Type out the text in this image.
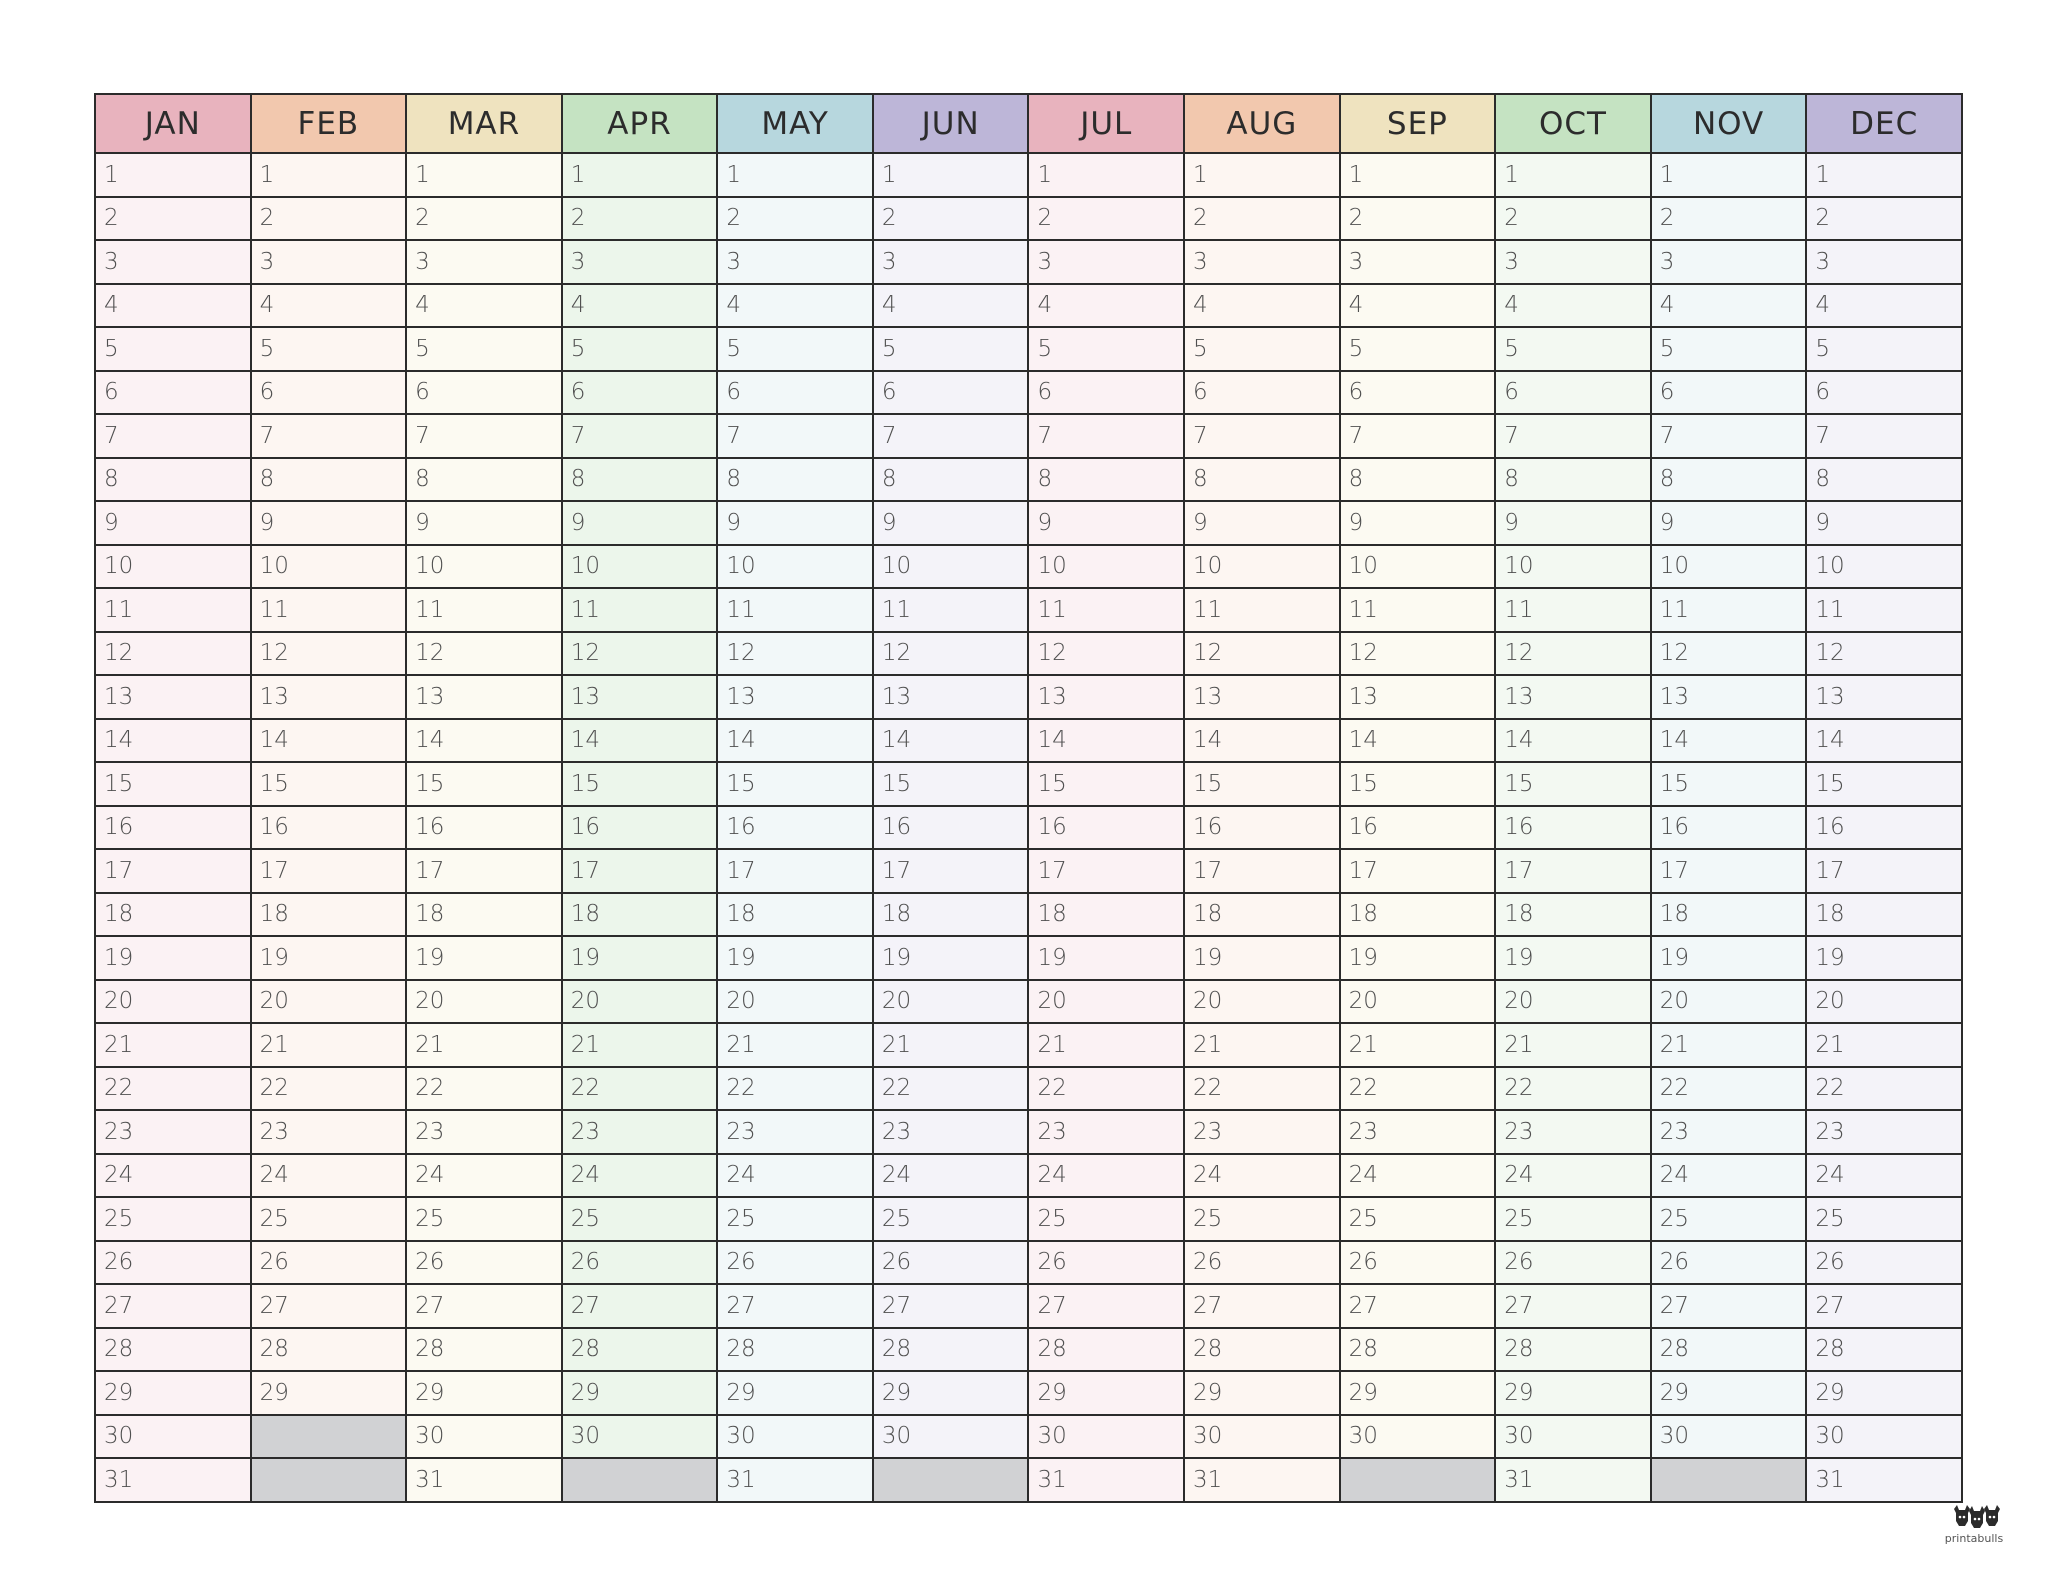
JAN	FEB	MAR	APR	MAY	JUN	JUL	AUG	SEP	OCT	NOV	DEC
1	1	1	1	1	1	1	1	1	1	1	1
2	2	2	2	2	2	2	2	2	2	2	2
3	3	3	3	3	3	3	3	3	3	3	3
4	4	4	4	4	4	4	4	4	4	4	4
5	5	5	5	5	5	5	5	5	5	5	5
6	6	6	6	6	6	6	6	6	6	6	6
7	7	7	7	7	7	7	7	7	7	7	7
8	8	8	8	8	8	8	8	8	8	8	8
9	9	9	9	9	9	9	9	9	9	9	9
10	10	10	10	10	10	10	10	10	10	10	10
11	11	11	11	11	11	11	11	11	11	11	11
12	12	12	12	12	12	12	12	12	12	12	12
13	13	13	13	13	13	13	13	13	13	13	13
14	14	14	14	14	14	14	14	14	14	14	14
15	15	15	15	15	15	15	15	15	15	15	15
16	16	16	16	16	16	16	16	16	16	16	16
17	17	17	17	17	17	17	17	17	17	17	17
18	18	18	18	18	18	18	18	18	18	18	18
19	19	19	19	19	19	19	19	19	19	19	19
20	20	20	20	20	20	20	20	20	20	20	20
21	21	21	21	21	21	21	21	21	21	21	21
22	22	22	22	22	22	22	22	22	22	22	22
23	23	23	23	23	23	23	23	23	23	23	23
24	24	24	24	24	24	24	24	24	24	24	24
25	25	25	25	25	25	25	25	25	25	25	25
26	26	26	26	26	26	26	26	26	26	26	26
27	27	27	27	27	27	27	27	27	27	27	27
28	28	28	28	28	28	28	28	28	28	28	28
29	29	29	29	29	29	29	29	29	29	29	29
30		30	30	30	30	30	30	30	30	30	30
31		31		31		31	31		31		31
printabulls
